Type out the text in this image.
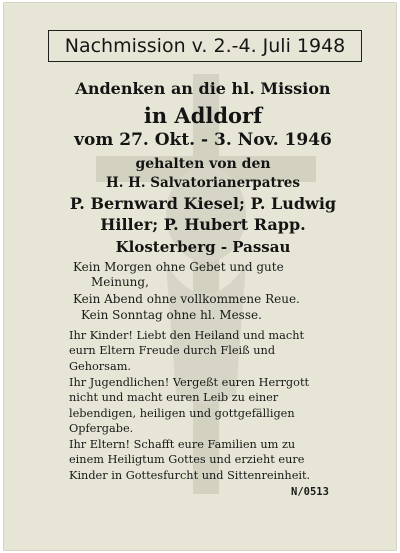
Nachmission v. 2.-4. Juli 1948
Andenken an die hl. Mission
in Adldorf
vom 27. Okt. - 3. Nov. 1946
gehalten von den
H. H. Salvatorianerpatres
P. Bernward Kiesel; P. Ludwig
Hiller; P. Hubert Rapp.
Klosterberg - Passau
Kein Morgen ohne Gebet und gute
Meinung,
Kein Abend ohne vollkommene Reue.
Kein Sonntag ohne hl. Messe.

Ihr Kinder! Liebt den Heiland und macht eurn Eltern Freude durch Fleiß und Gehorsam.

Ihr Jugendlichen! Vergeßt euren Herrgott nicht und macht euren Leib zu einer lebendigen, heiligen und gottgefälligen Opfergabe.

Ihr Eltern! Schafft eure Familien um zu einem Heiligtum Gottes und erzieht eure Kinder in Gottesfurcht und Sittenreinheit.

N/0513
